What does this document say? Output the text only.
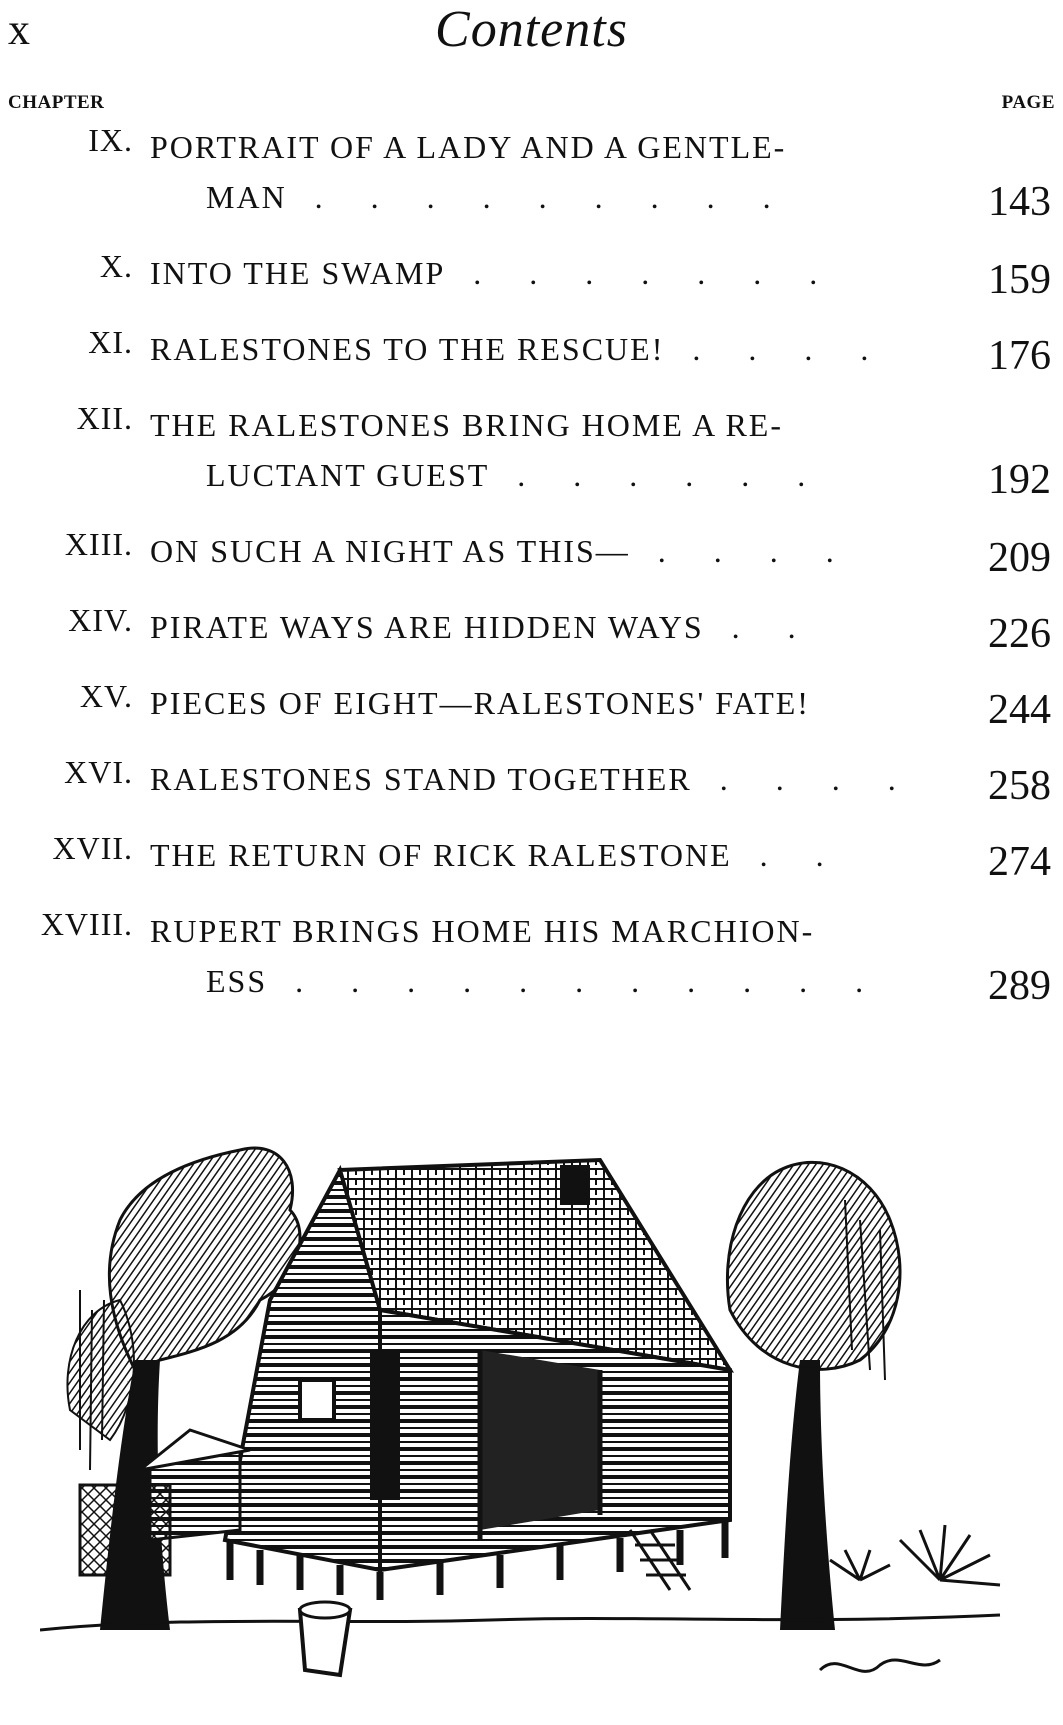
x	Contents
CHAPTER	PAGE
IX. PORTRAIT OF A LADY AND A GENTLE-
MAN . . . . . . . . .	143
X. INTO THE SWAMP . . . . . . .	159
XI. RALESTONES TO THE RESCUE! . . . .	176
XII. THE RALESTONES BRING HOME A RE-
LUCTANT GUEST . . . . . .	192
XIII. ON SUCH A NIGHT AS THIS— . . . .	209
XIV. PIRATE WAYS ARE HIDDEN WAYS . .	226
XV. PIECES OF EIGHT—RALESTONES' FATE!	244
XVI. RALESTONES STAND TOGETHER . . . .	258
XVII. THE RETURN OF RICK RALESTONE . .	274
XVIII. RUPERT BRINGS HOME HIS MARCHION-
ESS . . . . . . . . . . .	289
